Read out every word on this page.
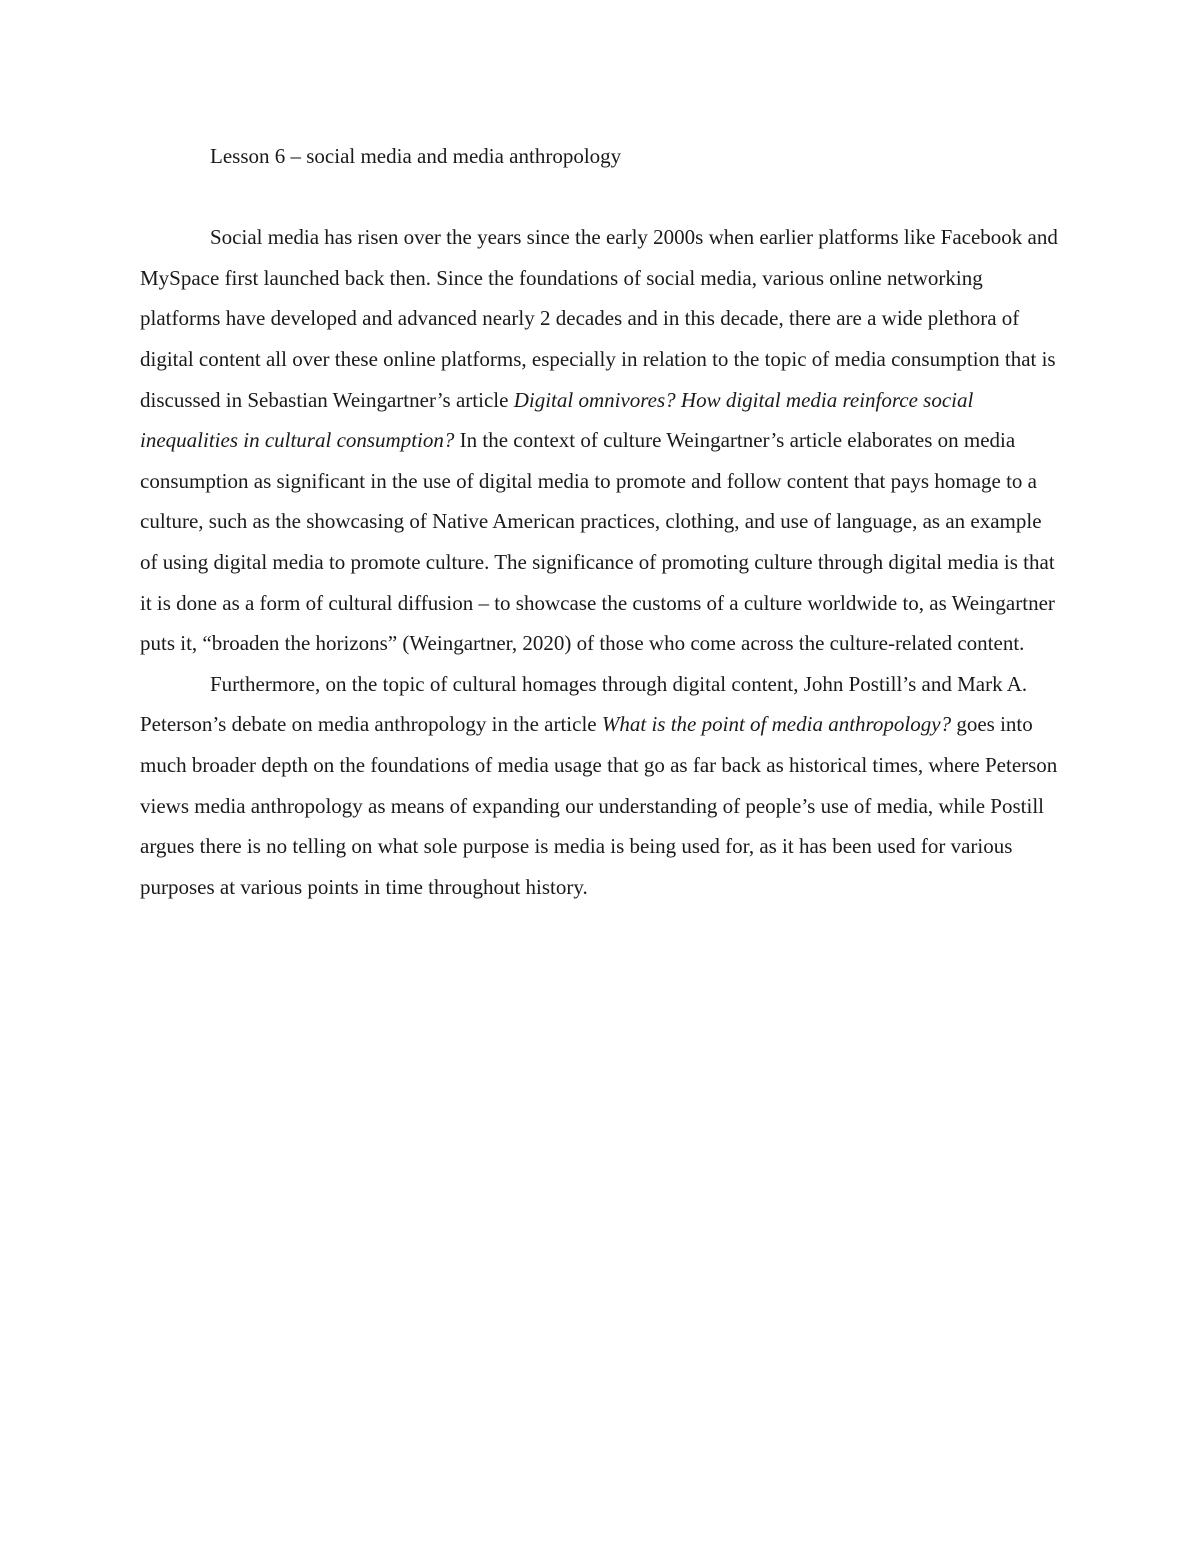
Lesson 6 – social media and media anthropology

Social media has risen over the years since the early 2000s when earlier platforms like Facebook and MySpace first launched back then. Since the foundations of social media, various online networking platforms have developed and advanced nearly 2 decades and in this decade, there are a wide plethora of digital content all over these online platforms, especially in relation to the topic of media consumption that is discussed in Sebastian Weingartner’s article Digital omnivores? How digital media reinforce social inequalities in cultural consumption? In the context of culture Weingartner’s article elaborates on media consumption as significant in the use of digital media to promote and follow content that pays homage to a culture, such as the showcasing of Native American practices, clothing, and use of language, as an example of using digital media to promote culture. The significance of promoting culture through digital media is that it is done as a form of cultural diffusion – to showcase the customs of a culture worldwide to, as Weingartner puts it, “broaden the horizons” (Weingartner, 2020) of those who come across the culture-related content.

Furthermore, on the topic of cultural homages through digital content, John Postill’s and Mark A. Peterson’s debate on media anthropology in the article What is the point of media anthropology? goes into much broader depth on the foundations of media usage that go as far back as historical times, where Peterson views media anthropology as means of expanding our understanding of people’s use of media, while Postill argues there is no telling on what sole purpose is media is being used for, as it has been used for various purposes at various points in time throughout history.
